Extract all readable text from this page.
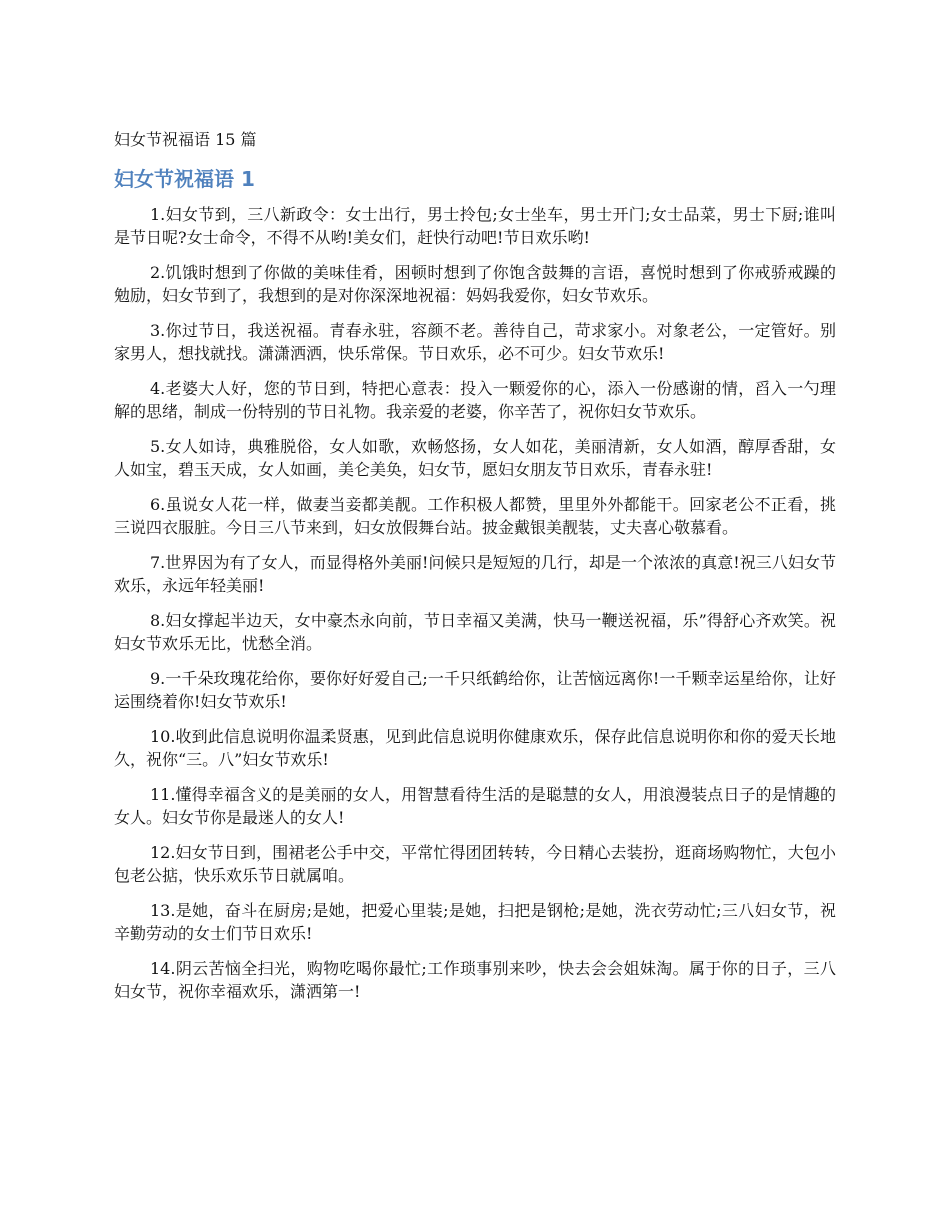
妇女节祝福语 15 篇
妇女节祝福语 1

1.妇女节到，三八新政令：女士出行，男士拎包;女士坐车，男士开门;女士品菜，男士下厨;谁叫是节日呢?女士命令，不得不从哟!美女们，赶快行动吧!节日欢乐哟!

2.饥饿时想到了你做的美味佳肴，困顿时想到了你饱含鼓舞的言语，喜悦时想到了你戒骄戒躁的勉励，妇女节到了，我想到的是对你深深地祝福：妈妈我爱你，妇女节欢乐。

3.你过节日，我送祝福。青春永驻，容颜不老。善待自己，苛求家小。对象老公，一定管好。别家男人，想找就找。潇潇洒洒，快乐常保。节日欢乐，必不可少。妇女节欢乐!

4.老婆大人好，您的节日到，特把心意表：投入一颗爱你的心，添入一份感谢的情，舀入一勺理解的思绪，制成一份特别的节日礼物。我亲爱的老婆，你辛苦了，祝你妇女节欢乐。

5.女人如诗，典雅脱俗，女人如歌，欢畅悠扬，女人如花，美丽清新，女人如酒，醇厚香甜，女人如宝，碧玉天成，女人如画，美仑美奂，妇女节，愿妇女朋友节日欢乐，青春永驻!

6.虽说女人花一样，做妻当妾都美靓。工作积极人都赞，里里外外都能干。回家老公不正看，挑三说四衣服脏。今日三八节来到，妇女放假舞台站。披金戴银美靓装，丈夫喜心敬慕看。

7.世界因为有了女人，而显得格外美丽!问候只是短短的几行，却是一个浓浓的真意!祝三八妇女节欢乐，永远年轻美丽!

8.妇女撑起半边天，女中豪杰永向前，节日幸福又美满，快马一鞭送祝福，乐”得舒心齐欢笑。祝妇女节欢乐无比，忧愁全消。

9.一千朵玫瑰花给你，要你好好爱自己;一千只纸鹤给你，让苦恼远离你!一千颗幸运星给你，让好运围绕着你!妇女节欢乐!

10.收到此信息说明你温柔贤惠，见到此信息说明你健康欢乐，保存此信息说明你和你的爱天长地久，祝你“三。八”妇女节欢乐!

11.懂得幸福含义的是美丽的女人，用智慧看待生活的是聪慧的女人，用浪漫装点日子的是情趣的女人。妇女节你是最迷人的女人!

12.妇女节日到，围裙老公手中交，平常忙得团团转转，今日精心去装扮，逛商场购物忙，大包小包老公掂，快乐欢乐节日就属咱。

13.是她，奋斗在厨房;是她，把爱心里装;是她，扫把是钢枪;是她，洗衣劳动忙;三八妇女节，祝辛勤劳动的女士们节日欢乐!

14.阴云苦恼全扫光，购物吃喝你最忙;工作琐事别来吵，快去会会姐妹淘。属于你的日子，三八妇女节，祝你幸福欢乐，潇洒第一!
